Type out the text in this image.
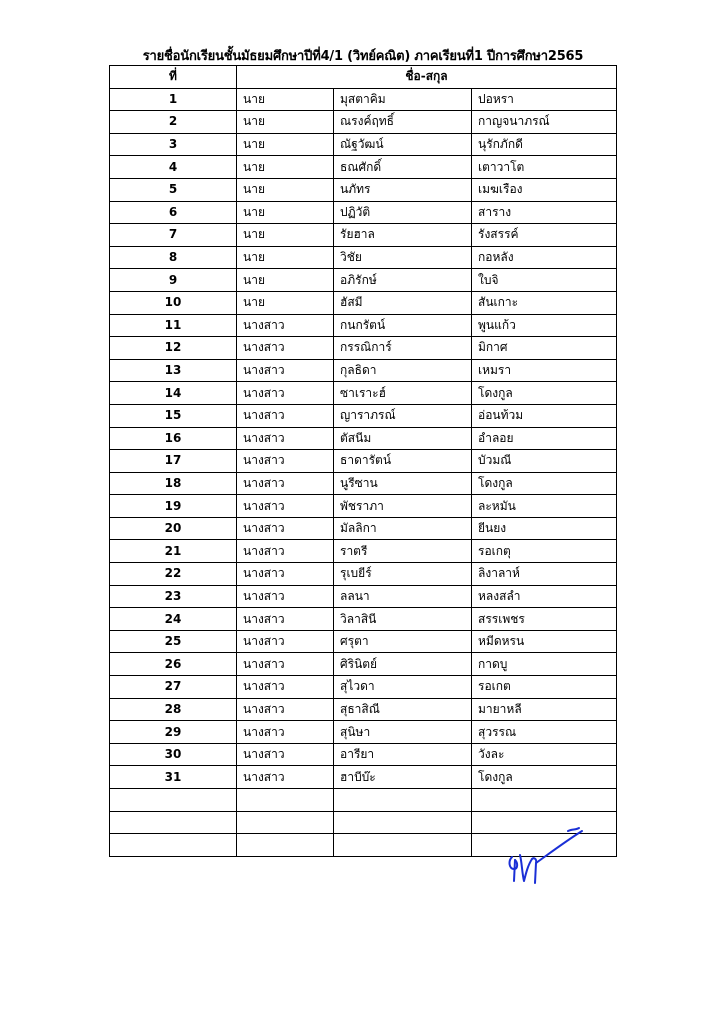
รายชื่อนักเรียนชั้นมัธยมศึกษาปีที่4/1 (วิทย์คณิต) ภาคเรียนที่1 ปีการศึกษา2565
ที่	ชื่อ-สกุล		
1	นาย	มุสตาคิม	ปอหรา
2	นาย	ณรงค์ฤทธิ์	กาญจนาภรณ์
3	นาย	ณัฐวัฒน์	นุรักภักดี
4	นาย	ธณศักดิ์	เตาวาโต
5	นาย	นภัทร	เมฆเรือง
6	นาย	ปฏิวัติ	สาราง
7	นาย	รัยฮาล	รังสรรค์
8	นาย	วิชัย	กอหลัง
9	นาย	อภิรักษ์	ใบจิ
10	นาย	ฮัสมี	สันเกาะ
11	นางสาว	กนกรัตน์	พูนแก้ว
12	นางสาว	กรรณิการ์	มิกาศ
13	นางสาว	กุลธิดา	เหมรา
14	นางสาว	ซาเราะฮ์	โดงกูล
15	นางสาว	ญาราภรณ์	อ่อนท้วม
16	นางสาว	ตัสนีม	อำลอย
17	นางสาว	ธาดารัตน์	บัวมณี
18	นางสาว	นูรีซาน	โดงกูล
19	นางสาว	พัชราภา	ละหมัน
20	นางสาว	มัลลิกา	ยีนยง
21	นางสาว	ราตรี	รอเกตุ
22	นางสาว	รุเบยีร์	ลิงาลาห์
23	นางสาว	ลลนา	หลงสลำ
24	นางสาว	วิลาสินี	สรรเพชร
25	นางสาว	ศรุตา	หมีดหรน
26	นางสาว	ศิรินิตย์	กาดบู
27	นางสาว	สุไวดา	รอเกต
28	นางสาว	สุธาสิณี	มายาหลี
29	นางสาว	สุนิษา	สุวรรณ
30	นางสาว	อารียา	วังละ
31	นางสาว	ฮาบีบ๊ะ	โดงกูล
